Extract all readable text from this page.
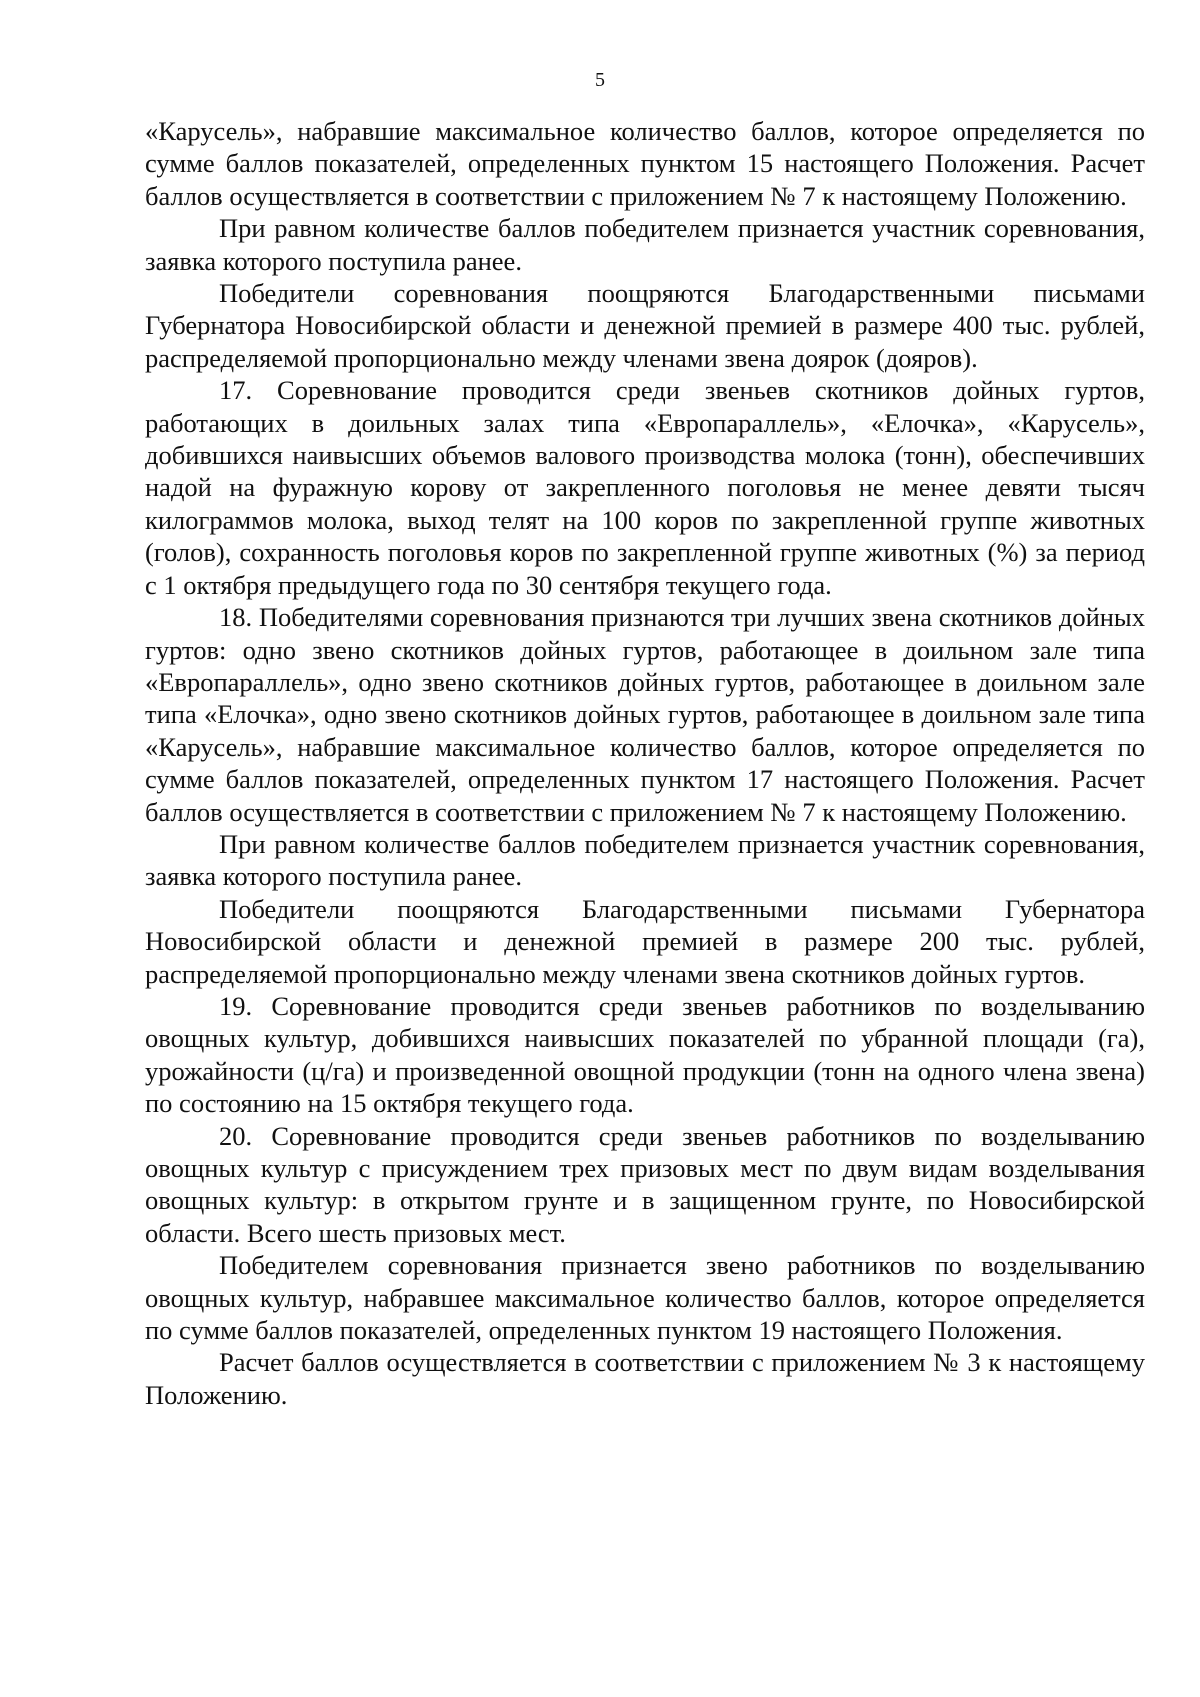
5

«Карусель», набравшие максимальное количество баллов, которое определяется по сумме баллов показателей, определенных пунктом 15 настоящего Положения. Расчет баллов осуществляется в соответствии с приложением № 7 к настоящему Положению.

При равном количестве баллов победителем признается участник соревнования, заявка которого поступила ранее.

Победители соревнования поощряются Благодарственными письмами Губернатора Новосибирской области и денежной премией в размере 400 тыс. рублей, распределяемой пропорционально между членами звена доярок (дояров).

17. Соревнование проводится среди звеньев скотников дойных гуртов, работающих в доильных залах типа «Европараллель», «Елочка», «Карусель», добившихся наивысших объемов валового производства молока (тонн), обеспечивших надой на фуражную корову от закрепленного поголовья не менее девяти тысяч килограммов молока, выход телят на 100 коров по закрепленной группе животных (голов), сохранность поголовья коров по закрепленной группе животных (%) за период с 1 октября предыдущего года по 30 сентября текущего года.

18. Победителями соревнования признаются три лучших звена скотников дойных гуртов: одно звено скотников дойных гуртов, работающее в доильном зале типа «Европараллель», одно звено скотников дойных гуртов, работающее в доильном зале типа «Елочка», одно звено скотников дойных гуртов, работающее в доильном зале типа «Карусель», набравшие максимальное количество баллов, которое определяется по сумме баллов показателей, определенных пунктом 17 настоящего Положения. Расчет баллов осуществляется в соответствии с приложением № 7 к настоящему Положению.

При равном количестве баллов победителем признается участник соревнования, заявка которого поступила ранее.

Победители поощряются Благодарственными письмами Губернатора Новосибирской области и денежной премией в размере 200 тыс. рублей, распределяемой пропорционально между членами звена скотников дойных гуртов.

19. Соревнование проводится среди звеньев работников по возделыванию овощных культур, добившихся наивысших показателей по убранной площади (га), урожайности (ц/га) и произведенной овощной продукции (тонн на одного члена звена) по состоянию на 15 октября текущего года.

20. Соревнование проводится среди звеньев работников по возделыванию овощных культур с присуждением трех призовых мест по двум видам возделывания овощных культур: в открытом грунте и в защищенном грунте, по Новосибирской области. Всего шесть призовых мест.

Победителем соревнования признается звено работников по возделыванию овощных культур, набравшее максимальное количество баллов, которое определяется по сумме баллов показателей, определенных пунктом 19 настоящего Положения.

Расчет баллов осуществляется в соответствии с приложением № 3 к настоящему Положению.
